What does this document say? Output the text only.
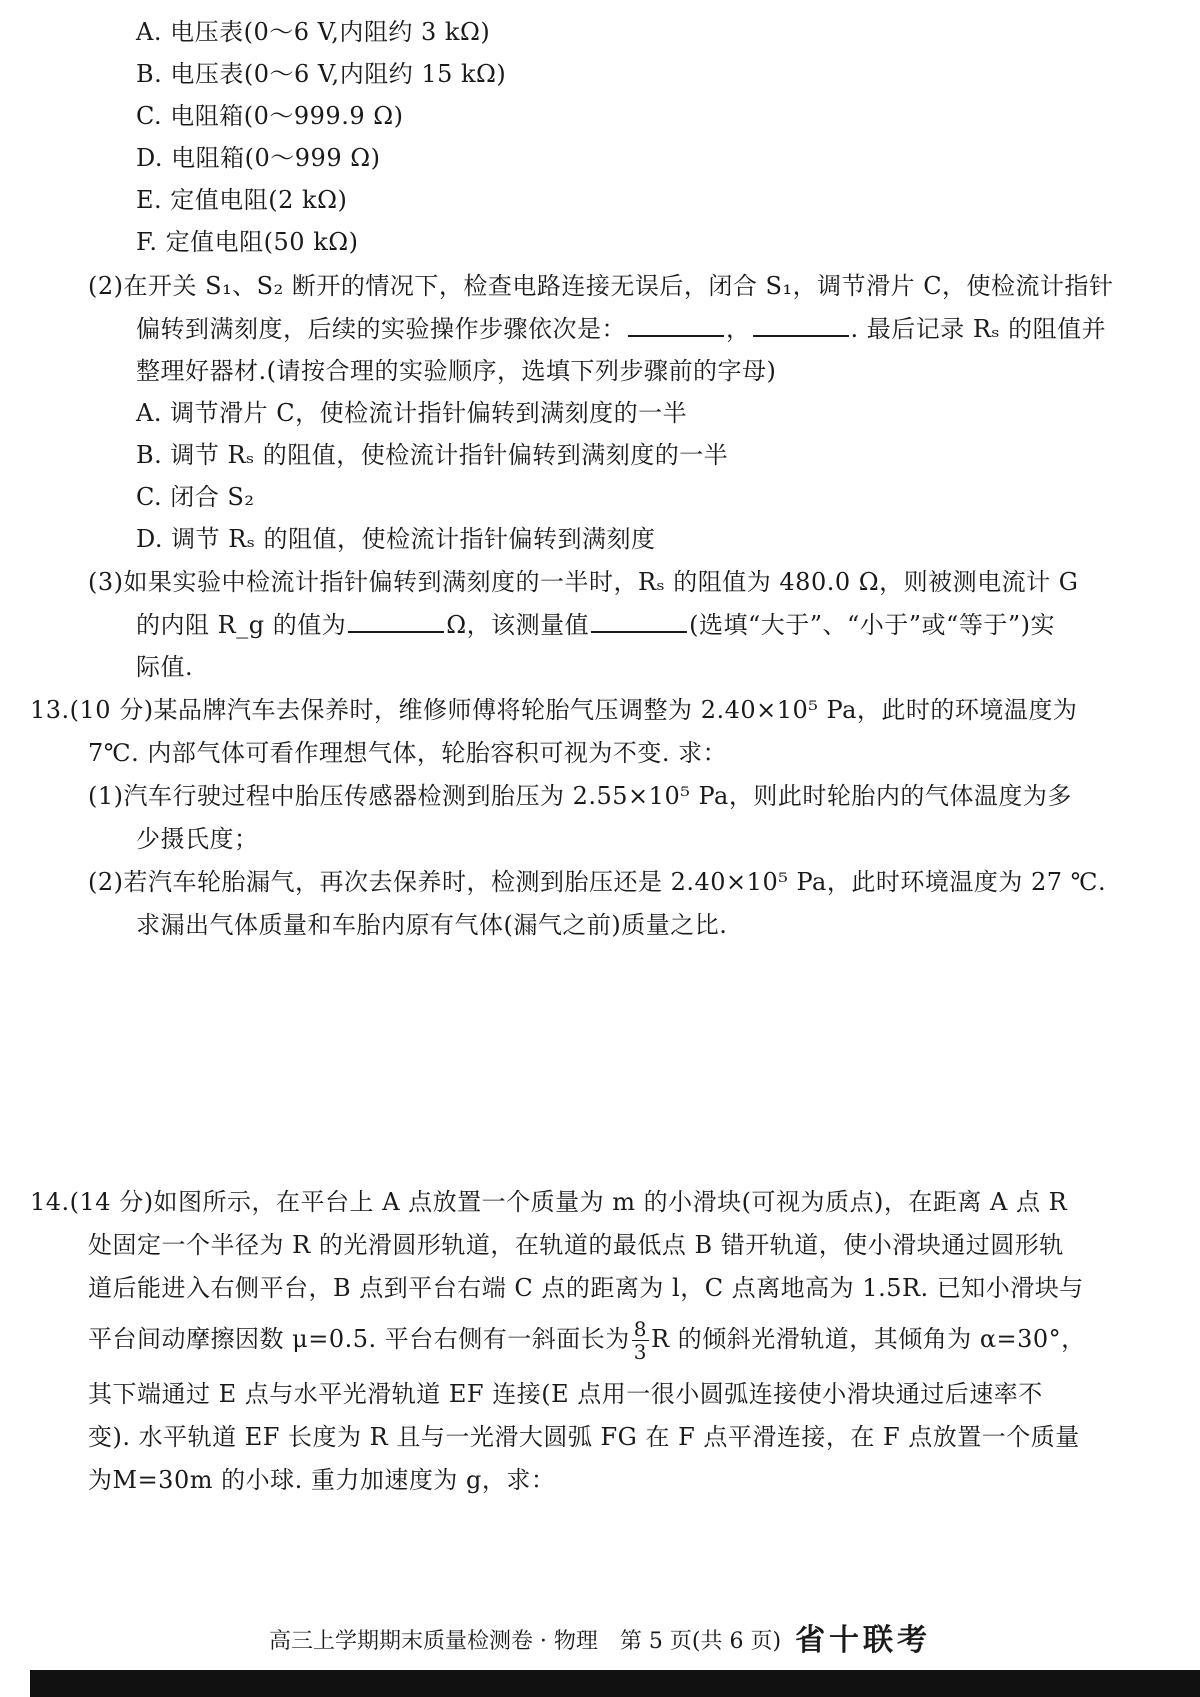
A. 电压表(0～6 V,内阻约 3 kΩ)
B. 电压表(0～6 V,内阻约 15 kΩ)
C. 电阻箱(0～999.9 Ω)
D. 电阻箱(0～999 Ω)
E. 定值电阻(2 kΩ)
F. 定值电阻(50 kΩ)
(2)在开关 S₁、S₂ 断开的情况下，检查电路连接无误后，闭合 S₁，调节滑片 C，使检流计指针
偏转到满刻度，后续的实验操作步骤依次是：	，	. 最后记录 Rₛ 的阻值并
整理好器材.(请按合理的实验顺序，选填下列步骤前的字母)
A. 调节滑片 C，使检流计指针偏转到满刻度的一半
B. 调节 Rₛ 的阻值，使检流计指针偏转到满刻度的一半
C. 闭合 S₂
D. 调节 Rₛ 的阻值，使检流计指针偏转到满刻度
(3)如果实验中检流计指针偏转到满刻度的一半时，Rₛ 的阻值为 480.0 Ω，则被测电流计 G
的内阻 R_g 的值为	Ω，该测量值	(选填“大于”、“小于”或“等于”)实
际值.
13.(10 分)某品牌汽车去保养时，维修师傅将轮胎气压调整为 2.40×10⁵ Pa，此时的环境温度为
7℃. 内部气体可看作理想气体，轮胎容积可视为不变. 求：
(1)汽车行驶过程中胎压传感器检测到胎压为 2.55×10⁵ Pa，则此时轮胎内的气体温度为多
少摄氏度；
(2)若汽车轮胎漏气，再次去保养时，检测到胎压还是 2.40×10⁵ Pa，此时环境温度为 27 ℃.
求漏出气体质量和车胎内原有气体(漏气之前)质量之比.
14.(14 分)如图所示，在平台上 A 点放置一个质量为 m 的小滑块(可视为质点)，在距离 A 点 R
处固定一个半径为 R 的光滑圆形轨道，在轨道的最低点 B 错开轨道，使小滑块通过圆形轨
道后能进入右侧平台，B 点到平台右端 C 点的距离为 l，C 点离地高为 1.5R. 已知小滑块与
平台间动摩擦因数 μ=0.5. 平台右侧有一斜面长为 $\frac{8}{3}$ R 的倾斜光滑轨道，其倾角为 α=30°，
其下端通过 E 点与水平光滑轨道 EF 连接(E 点用一很小圆弧连接使小滑块通过后速率不
变). 水平轨道 EF 长度为 R 且与一光滑大圆弧 FG 在 F 点平滑连接，在 F 点放置一个质量
为M=30m 的小球. 重力加速度为 g，求：
高三上学期期末质量检测卷 · 物理　第 5 页(共 6 页) 省十联考
